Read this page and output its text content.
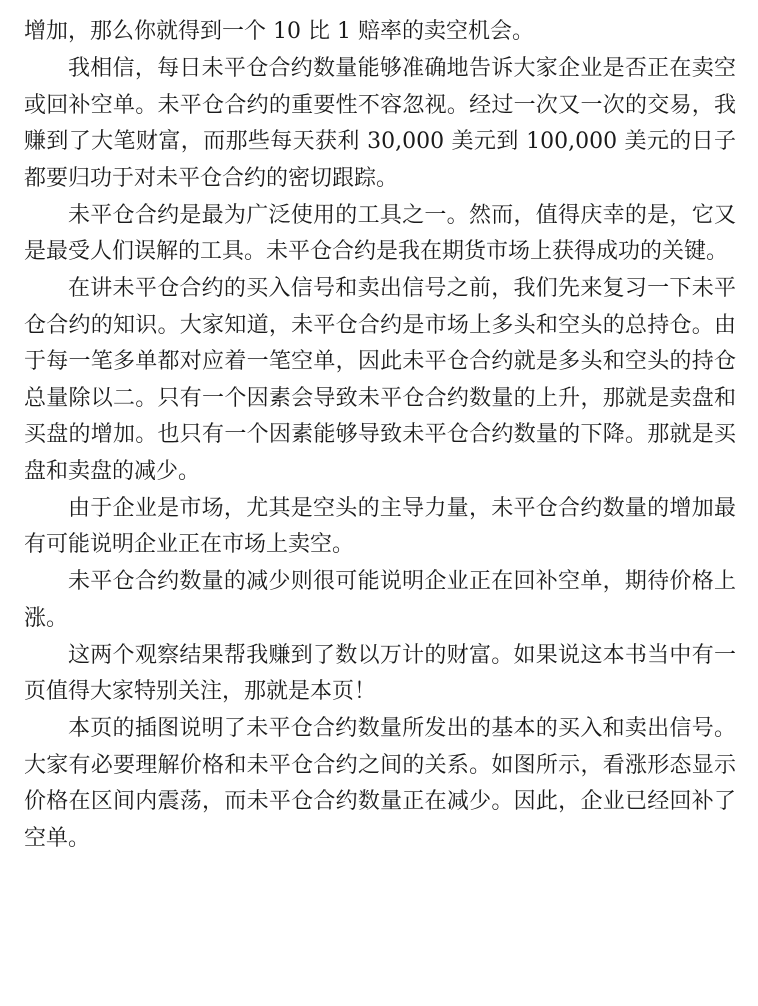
增加，那么你就得到一个 10 比 1 赔率的卖空机会。

我相信，每日未平仓合约数量能够准确地告诉大家企业是否正在卖空或回补空单。未平仓合约的重要性不容忽视。经过一次又一次的交易，我赚到了大笔财富，而那些每天获利 30,000 美元到 100,000 美元的日子都要归功于对未平仓合约的密切跟踪。

未平仓合约是最为广泛使用的工具之一。然而，值得庆幸的是，它又是最受人们误解的工具。未平仓合约是我在期货市场上获得成功的关键。

在讲未平仓合约的买入信号和卖出信号之前，我们先来复习一下未平仓合约的知识。大家知道，未平仓合约是市场上多头和空头的总持仓。由于每一笔多单都对应着一笔空单，因此未平仓合约就是多头和空头的持仓总量除以二。只有一个因素会导致未平仓合约数量的上升，那就是卖盘和买盘的增加。也只有一个因素能够导致未平仓合约数量的下降。那就是买盘和卖盘的减少。

由于企业是市场，尤其是空头的主导力量，未平仓合约数量的增加最有可能说明企业正在市场上卖空。

未平仓合约数量的减少则很可能说明企业正在回补空单，期待价格上涨。

这两个观察结果帮我赚到了数以万计的财富。如果说这本书当中有一页值得大家特别关注，那就是本页！

本页的插图说明了未平仓合约数量所发出的基本的买入和卖出信号。大家有必要理解价格和未平仓合约之间的关系。如图所示，看涨形态显示价格在区间内震荡，而未平仓合约数量正在减少。因此，企业已经回补了空单。
